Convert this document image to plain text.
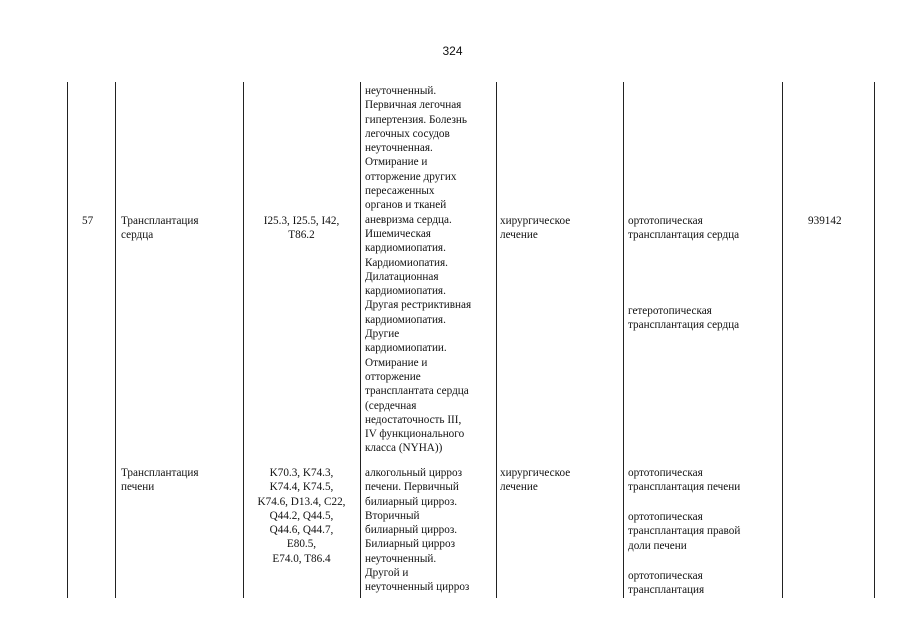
324
57 Трансплантация
сердца
I25.3, I25.5, I42,
T86.2
неуточненный.
Первичная легочная
гипертензия. Болезнь
легочных сосудов
неуточненная.
Отмирание и
отторжение других
пересаженных
органов и тканей
аневризма сердца.
Ишемическая
кардиомиопатия.
Кардиомиопатия.
Дилатационная
кардиомиопатия.
Другая рестриктивная
кардиомиопатия.
Другие
кардиомиопатии.
Отмирание и
отторжение
трансплантата сердца
(сердечная
недостаточность III,
IV функционального
класса (NYHA))
хирургическое
лечение
ортотопическая
трансплантация сердца
гетеротопическая
трансплантация сердца
939142
Трансплантация
печени
K70.3, K74.3,
K74.4, K74.5,
K74.6, D13.4, C22,
Q44.2, Q44.5,
Q44.6, Q44.7,
E80.5,
E74.0, T86.4
алкогольный цирроз
печени. Первичный
билиарный цирроз.
Вторичный
билиарный цирроз.
Билиарный цирроз
неуточненный.
Другой и
неуточненный цирроз
хирургическое
лечение
ортотопическая
трансплантация печени
ортотопическая
трансплантация правой
доли печени
ортотопическая
трансплантация
